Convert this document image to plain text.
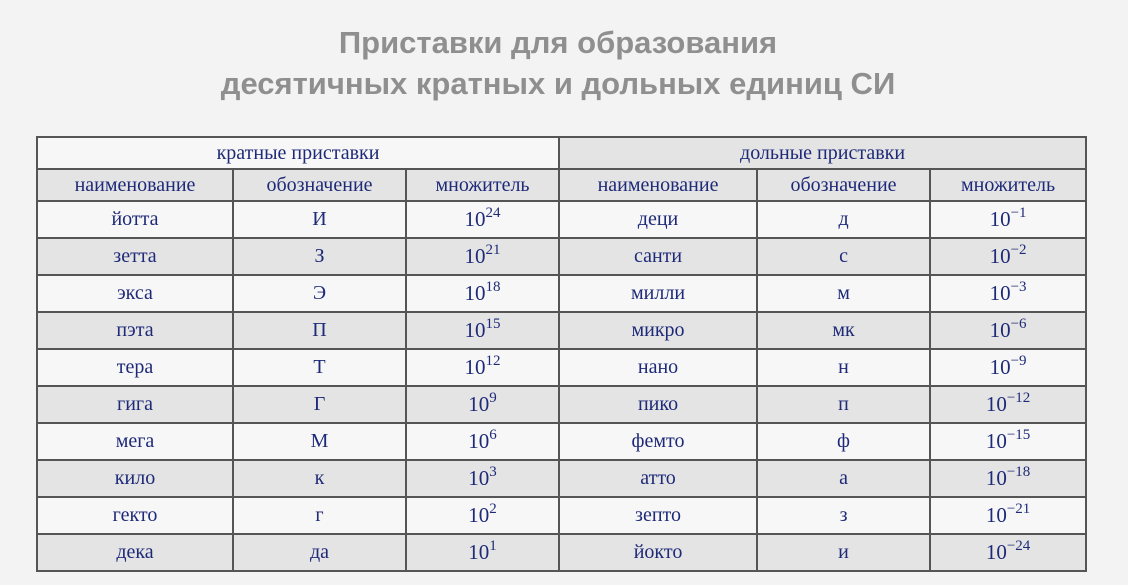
Приставки для образования
десятичных кратных и дольных единиц СИ
кратные приставки			дольные приставки		
наименование	обозначение	множитель	наименование	обозначение	множитель
йотта	И	$10^{24}$	деци	д	$10^{-1}$
зетта	З	$10^{21}$	санти	с	$10^{-2}$
экса	Э	$10^{18}$	милли	м	$10^{-3}$
пэта	П	$10^{15}$	микро	мк	$10^{-6}$
тера	Т	$10^{12}$	нано	н	$10^{-9}$
гига	Г	$10^9$	пико	п	$10^{-12}$
мега	М	$10^6$	фемто	ф	$10^{-15}$
кило	к	$10^3$	атто	а	$10^{-18}$
гекто	г	$10^2$	зепто	з	$10^{-21}$
дека	да	$10^1$	йокто	и	$10^{-24}$
